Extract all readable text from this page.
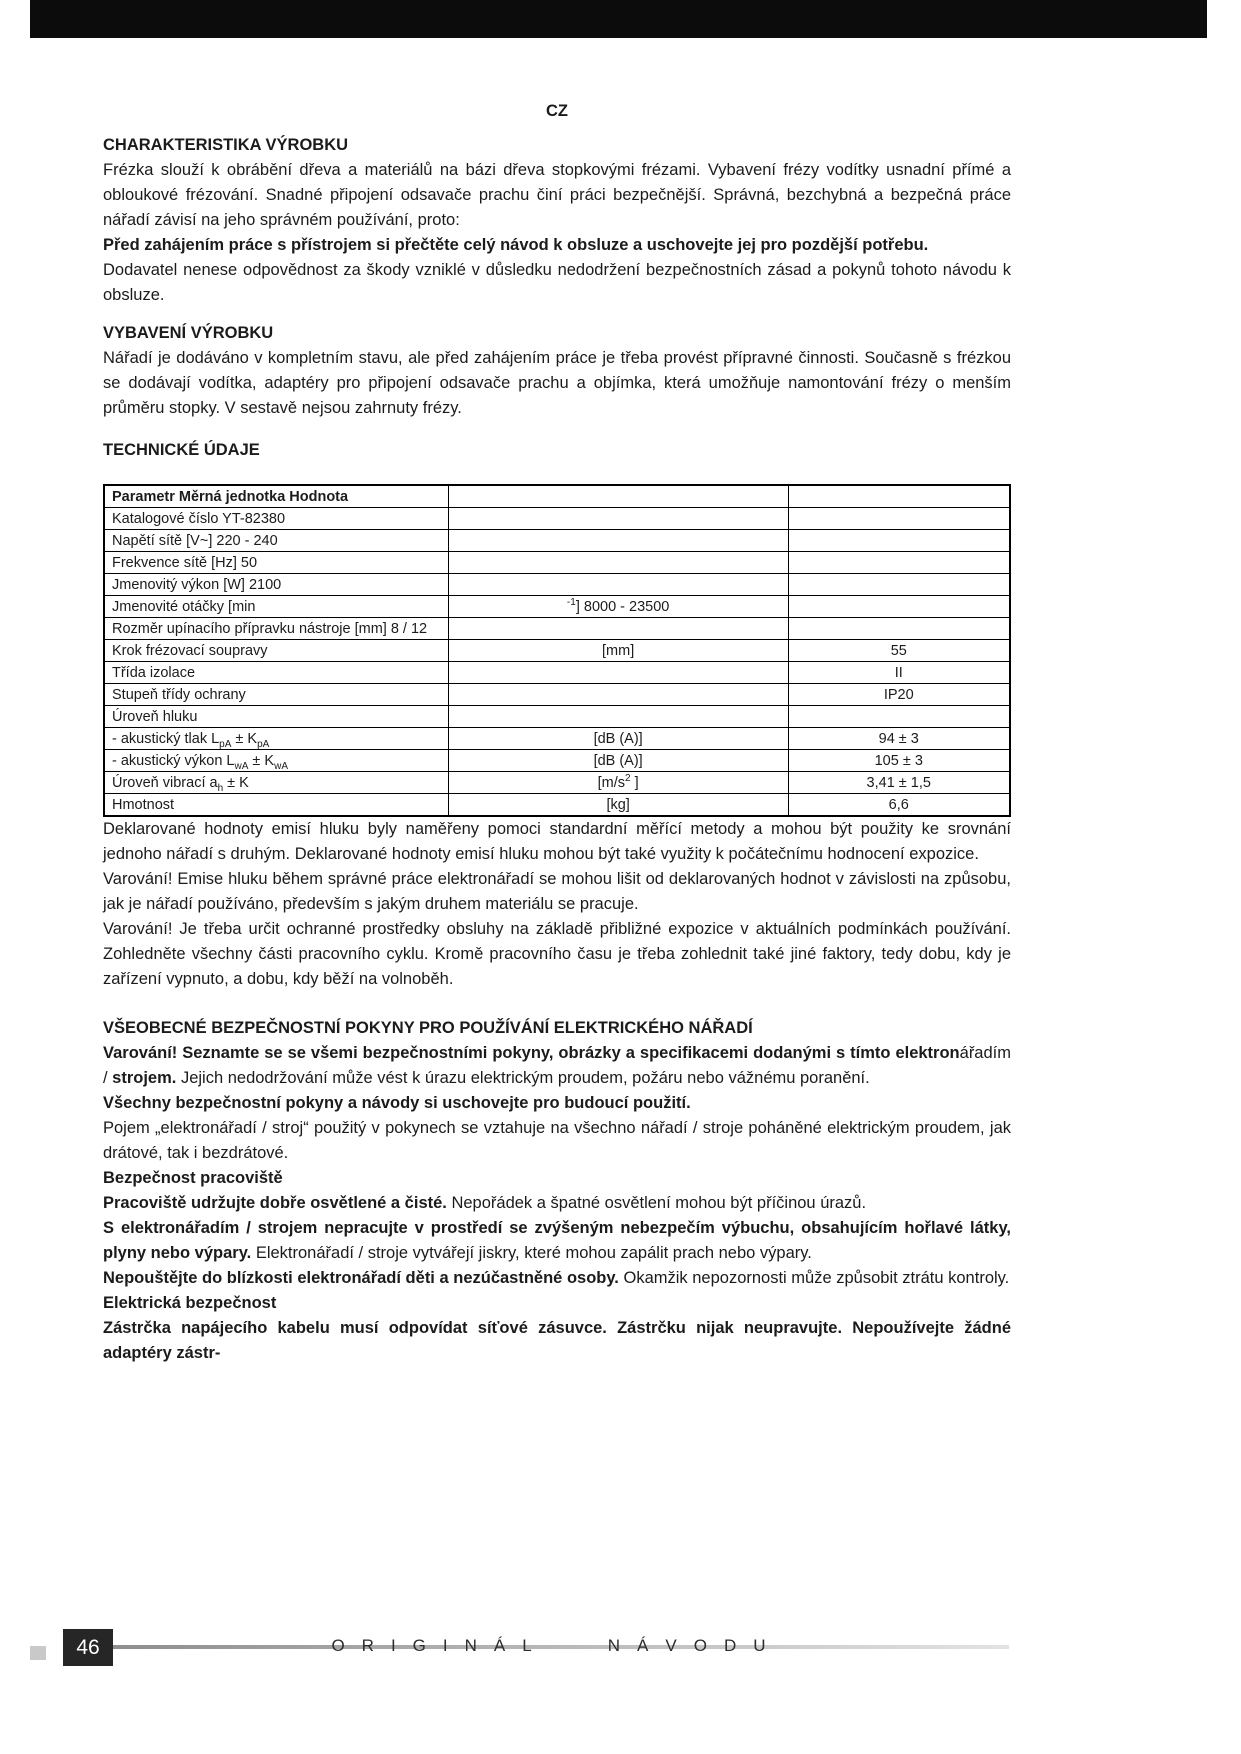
CZ

CHARAKTERISTIKA VÝROBKU

Frézka slouží k obrábění dřeva a materiálů na bázi dřeva stopkovými frézami. Vybavení frézy vodítky usnadní přímé a obloukové frézování. Snadné připojení odsavače prachu činí práci bezpečnější. Správná, bezchybná a bezpečná práce nářadí závisí na jeho správném používání, proto:

Před zahájením práce s přístrojem si přečtěte celý návod k obsluze a uschovejte jej pro pozdější potřebu.

Dodavatel nenese odpovědnost za škody vzniklé v důsledku nedodržení bezpečnostních zásad a pokynů tohoto návodu k obsluze.

VYBAVENÍ VÝROBKU

Nářadí je dodáváno v kompletním stavu, ale před zahájením práce je třeba provést přípravné činnosti. Současně s frézkou se dodávají vodítka, adaptéry pro připojení odsavače prachu a objímka, která umožňuje namontování frézy o menším průměru stopky. V sestavě nejsou zahrnuty frézy.

TECHNICKÉ ÚDAJE
Parametr Měrná jednotka Hodnota		
Katalogové číslo YT-82380		
Napětí sítě [V~] 220 - 240		
Frekvence sítě [Hz] 50		
Jmenovitý výkon [W] 2100		
Jmenovité otáčky [min	$^{-1}$] 8000 - 23500	
Rozměr upínacího přípravku nástroje [mm] 8 / 12		
Krok frézovací soupravy	[mm]	55
Třída izolace		II
Stupeň třídy ochrany		IP20
Úroveň hluku		
- akustický tlak $L_{pA} \pm K_{pA}$	[dB (A)]	94 ± 3
- akustický výkon $L_{wA} \pm K_{wA}$	[dB (A)]	105 ± 3
Úroveň vibrací $a_h \pm K$	[$m/s^2$ ]	3,41 ± 1,5
Hmotnost	[kg]	6,6

Deklarované hodnoty emisí hluku byly naměřeny pomoci standardní měřící metody a mohou být použity ke srovnání jednoho nářadí s druhým. Deklarované hodnoty emisí hluku mohou být také využity k počátečnímu hodnocení expozice.

Varování! Emise hluku během správné práce elektronářadí se mohou lišit od deklarovaných hodnot v závislosti na způsobu, jak je nářadí používáno, především s jakým druhem materiálu se pracuje.

Varování! Je třeba určit ochranné prostředky obsluhy na základě přibližné expozice v aktuálních podmínkách používání. Zohledněte všechny části pracovního cyklu. Kromě pracovního času je třeba zohlednit také jiné faktory, tedy dobu, kdy je zařízení vypnuto, a dobu, kdy běží na volnoběh.

VŠEOBECNÉ BEZPEČNOSTNÍ POKYNY PRO POUŽÍVÁNÍ ELEKTRICKÉHO NÁŘADÍ

Varování! Seznamte se se všemi bezpečnostními pokyny, obrázky a specifikacemi dodanými s tímto elektronářadím / strojem. Jejich nedodržování může vést k úrazu elektrickým proudem, požáru nebo vážnému poranění.

Všechny bezpečnostní pokyny a návody si uschovejte pro budoucí použití.

Pojem „elektronářadí / stroj“ použitý v pokynech se vztahuje na všechno nářadí / stroje poháněné elektrickým proudem, jak drátové, tak i bezdrátové.

Bezpečnost pracoviště

Pracoviště udržujte dobře osvětlené a čisté. Nepořádek a špatné osvětlení mohou být příčinou úrazů.

S elektronářadím / strojem nepracujte v prostředí se zvýšeným nebezpečím výbuchu, obsahujícím hořlavé látky, plyny nebo výpary. Elektronářadí / stroje vytvářejí jiskry, které mohou zapálit prach nebo výpary.

Nepouštějte do blízkosti elektronářadí děti a nezúčastněné osoby. Okamžik nepozornosti může způsobit ztrátu kontroly.

Elektrická bezpečnost

Zástrčka napájecího kabelu musí odpovídat síťové zásuvce. Zástrčku nijak neupravujte. Nepoužívejte žádné adaptéry zástr-

46	ORIGINÁL NÁVODU
